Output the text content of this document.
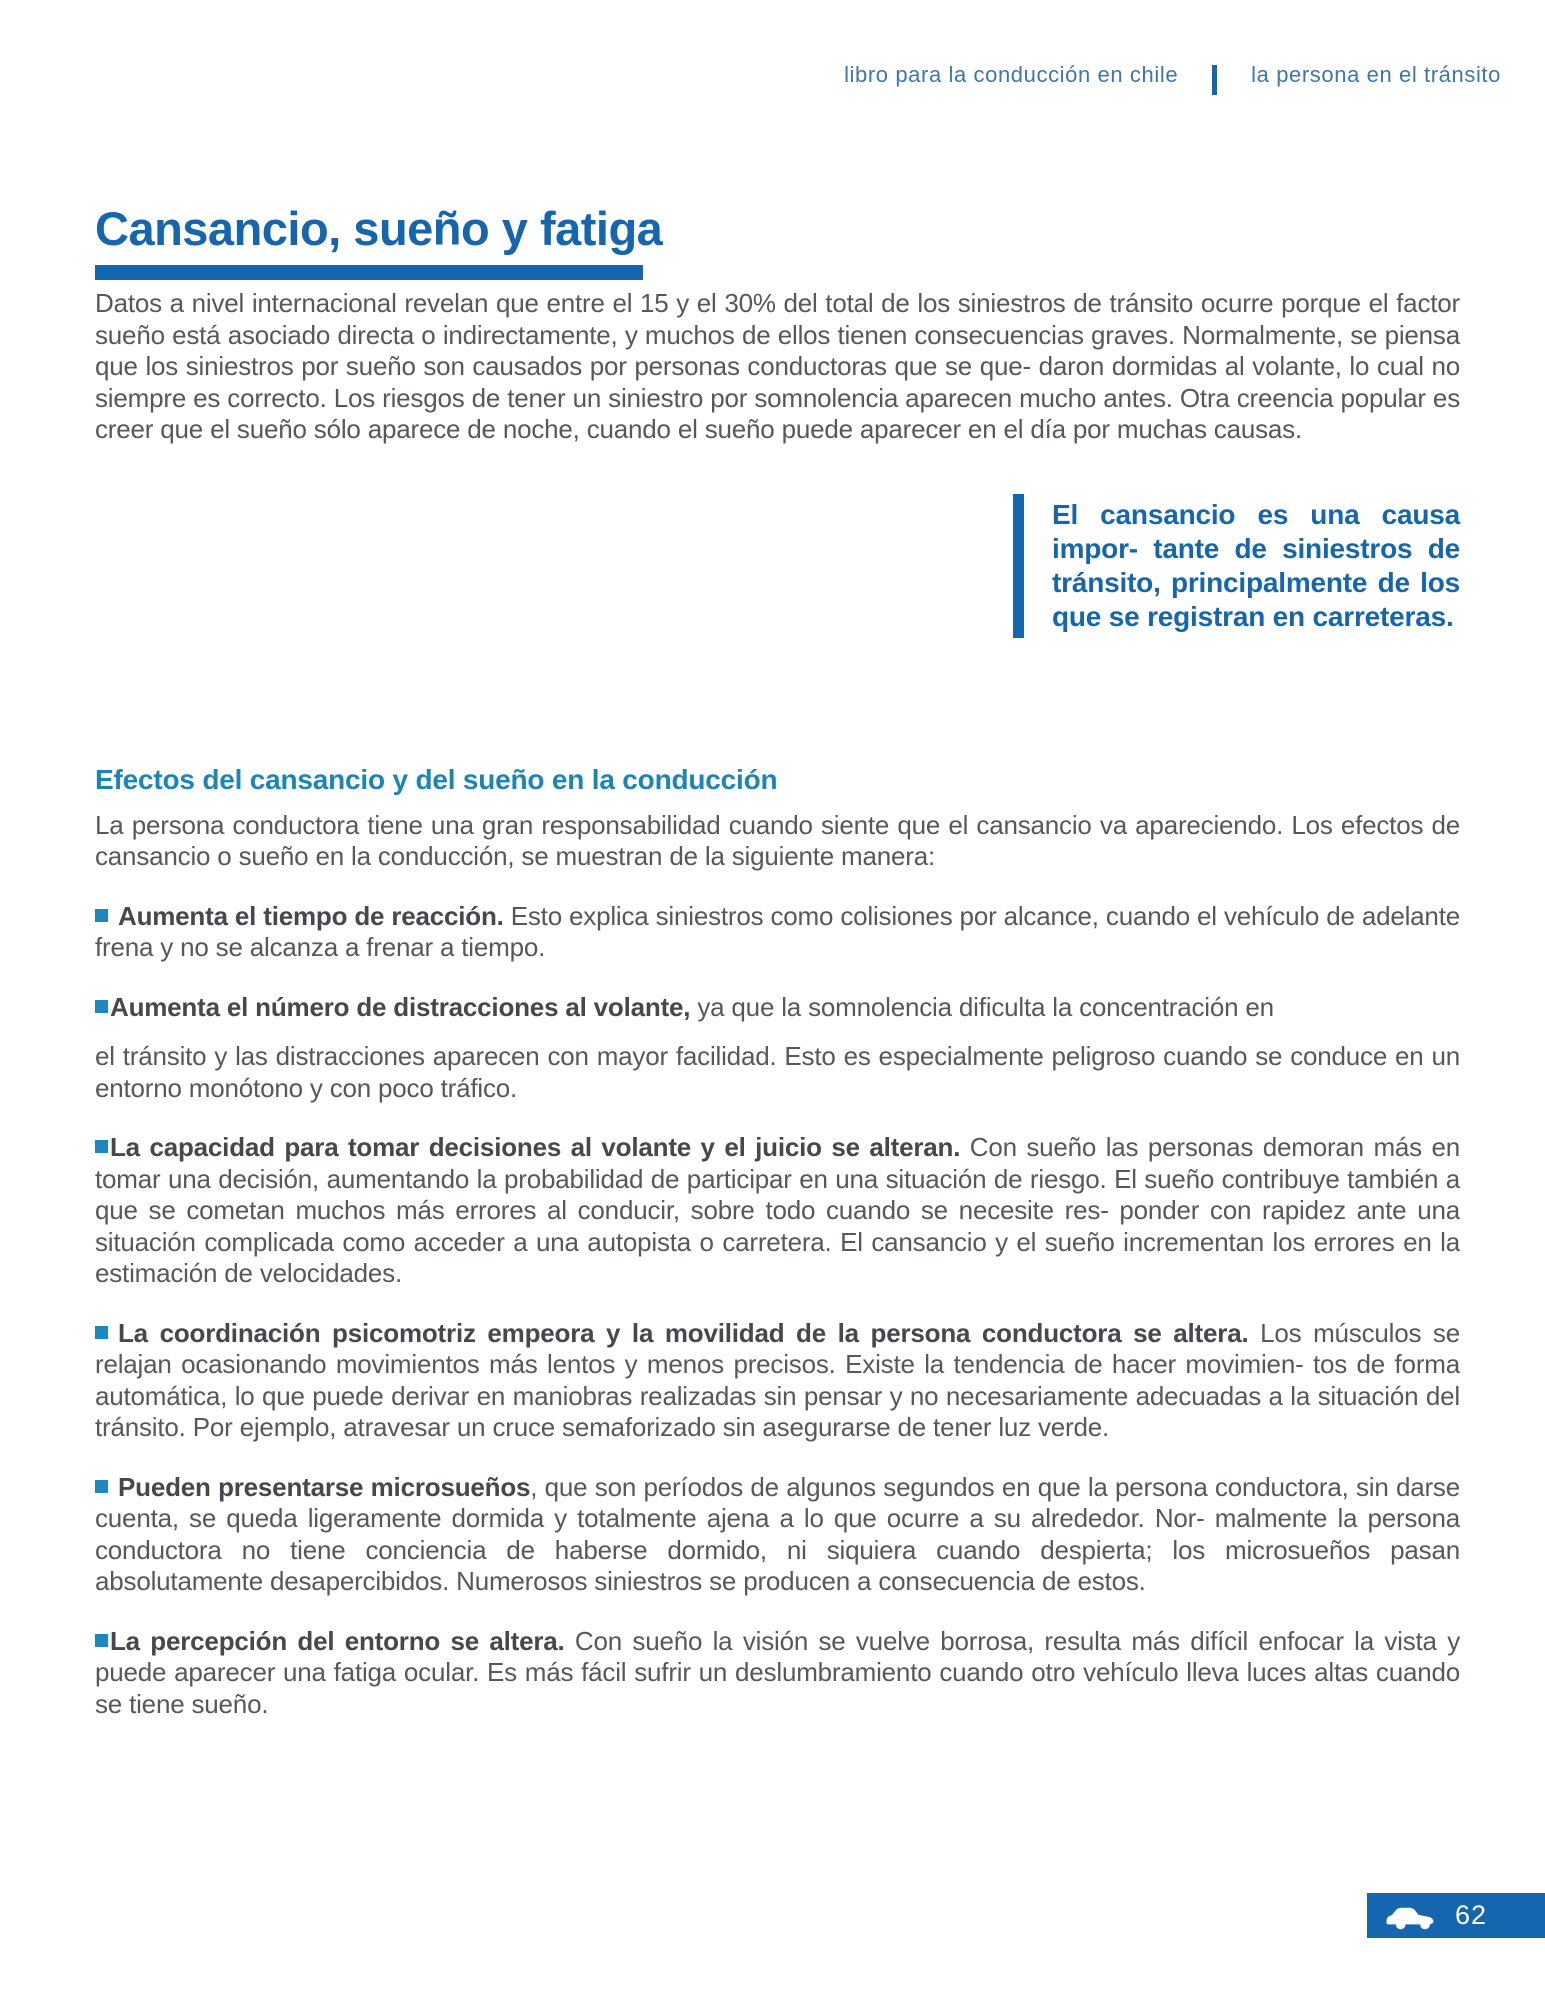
libro para la conducción en chile	la persona en el tránsito
Cansancio, sueño y fatiga

Datos a nivel internacional revelan que entre el 15 y el 30% del total de los siniestros de tránsito ocurre porque el factor sueño está asociado directa o indirectamente, y muchos de ellos tienen consecuencias graves. Normalmente, se piensa que los siniestros por sueño son causados por personas conductoras que se que- daron dormidas al volante, lo cual no siempre es correcto. Los riesgos de tener un siniestro por somnolencia aparecen mucho antes. Otra creencia popular es creer que el sueño sólo aparece de noche, cuando el sueño puede aparecer en el día por muchas causas.

El cansancio es una causa impor- tante de siniestros de tránsito, principalmente de los que se registran en carreteras.

Efectos del cansancio y del sueño en la conducción

La persona conductora tiene una gran responsabilidad cuando siente que el cansancio va apareciendo. Los efectos de cansancio o sueño en la conducción, se muestran de la siguiente manera:

Aumenta el tiempo de reacción. Esto explica siniestros como colisiones por alcance, cuando el vehículo de adelante frena y no se alcanza a frenar a tiempo.

Aumenta el número de distracciones al volante, ya que la somnolencia dificulta la concentración en

el tránsito y las distracciones aparecen con mayor facilidad. Esto es especialmente peligroso cuando se conduce en un entorno monótono y con poco tráfico.

La capacidad para tomar decisiones al volante y el juicio se alteran. Con sueño las personas demoran más en tomar una decisión, aumentando la probabilidad de participar en una situación de riesgo. El sueño contribuye también a que se cometan muchos más errores al conducir, sobre todo cuando se necesite res- ponder con rapidez ante una situación complicada como acceder a una autopista o carretera. El cansancio y el sueño incrementan los errores en la estimación de velocidades.

La coordinación psicomotriz empeora y la movilidad de la persona conductora se altera. Los músculos se relajan ocasionando movimientos más lentos y menos precisos. Existe la tendencia de hacer movimien- tos de forma automática, lo que puede derivar en maniobras realizadas sin pensar y no necesariamente adecuadas a la situación del tránsito. Por ejemplo, atravesar un cruce semaforizado sin asegurarse de tener luz verde.

Pueden presentarse microsueños, que son períodos de algunos segundos en que la persona conductora, sin darse cuenta, se queda ligeramente dormida y totalmente ajena a lo que ocurre a su alrededor. Nor- malmente la persona conductora no tiene conciencia de haberse dormido, ni siquiera cuando despierta; los microsueños pasan absolutamente desapercibidos. Numerosos siniestros se producen a consecuencia de estos.

La percepción del entorno se altera. Con sueño la visión se vuelve borrosa, resulta más difícil enfocar la vista y puede aparecer una fatiga ocular. Es más fácil sufrir un deslumbramiento cuando otro vehículo lleva luces altas cuando se tiene sueño.

62
